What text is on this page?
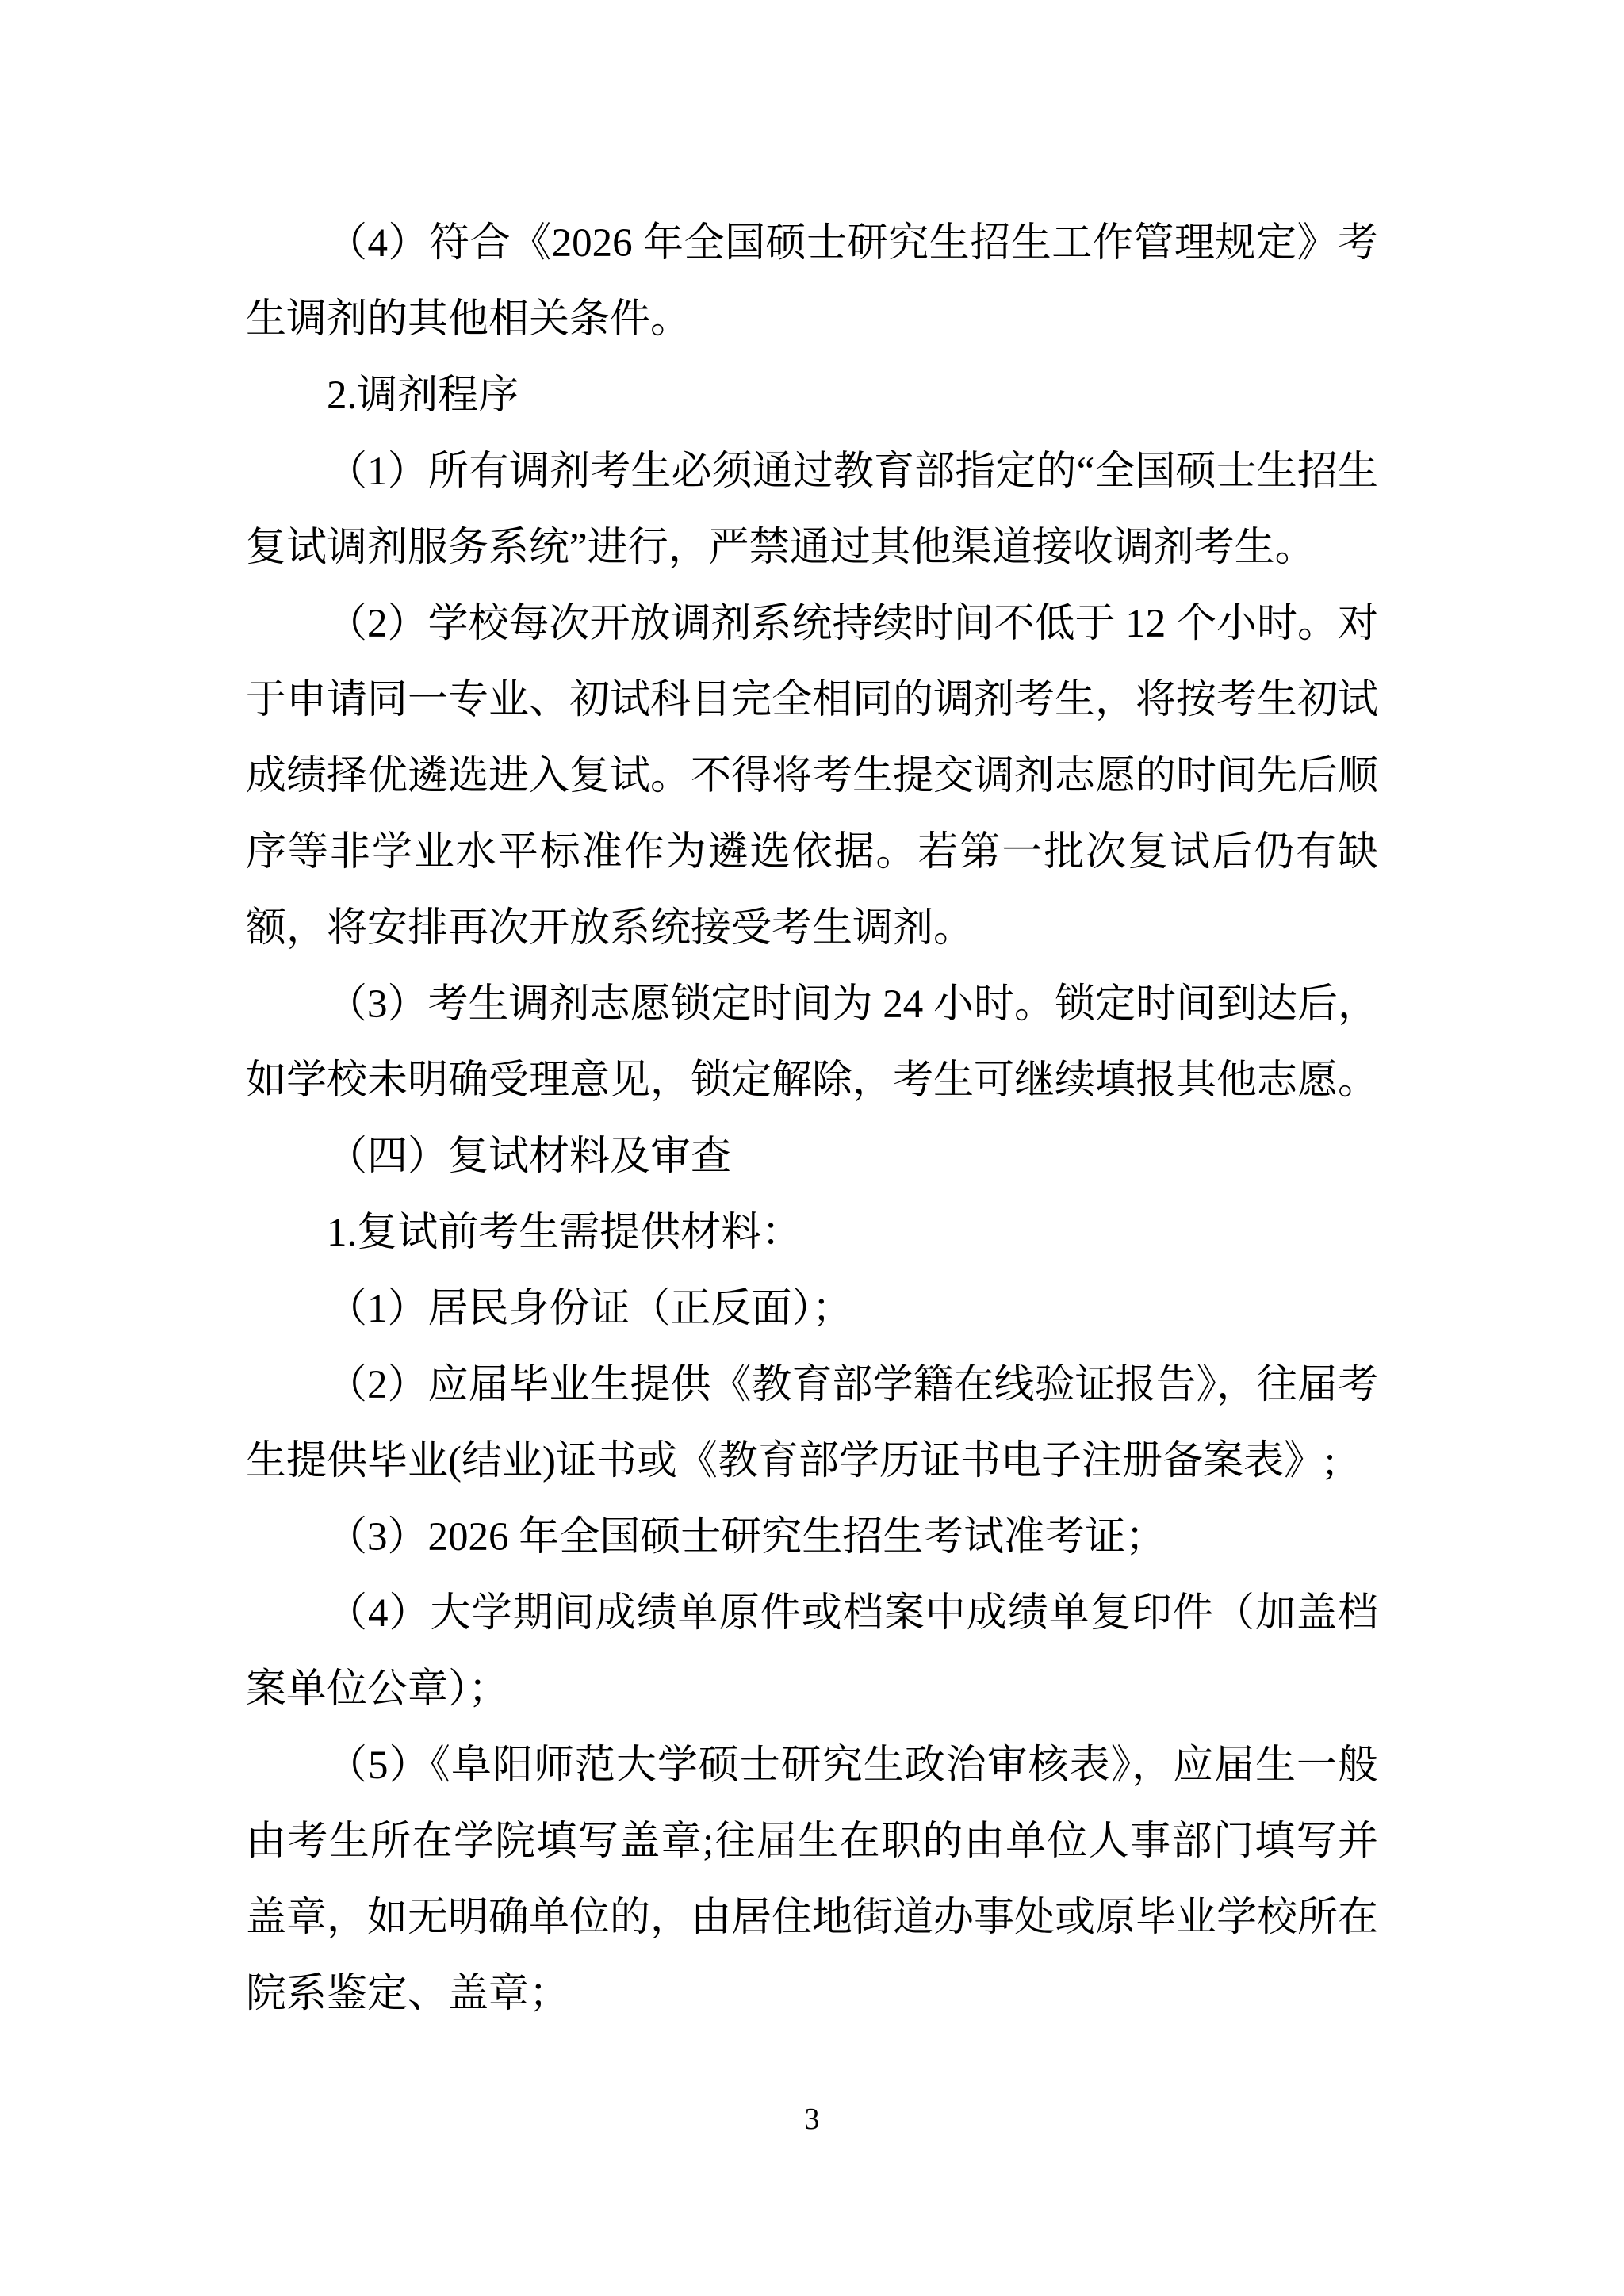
（4）符合《2026 年全国硕士研究生招生工作管理规定》考生调剂的其他相关条件。

2.调剂程序

（1）所有调剂考生必须通过教育部指定的“全国硕士生招生复试调剂服务系统”进行，严禁通过其他渠道接收调剂考生。

（2）学校每次开放调剂系统持续时间不低于 12 个小时。对于申请同一专业、初试科目完全相同的调剂考生，将按考生初试成绩择优遴选进入复试。不得将考生提交调剂志愿的时间先后顺序等非学业水平标准作为遴选依据。若第一批次复试后仍有缺额，将安排再次开放系统接受考生调剂。

（3）考生调剂志愿锁定时间为 24 小时。锁定时间到达后，如学校未明确受理意见，锁定解除，考生可继续填报其他志愿。

（四）复试材料及审查

1.复试前考生需提供材料：

（1）居民身份证（正反面）；

（2）应届毕业生提供《教育部学籍在线验证报告》，往届考生提供毕业(结业)证书或《教育部学历证书电子注册备案表》;

（3）2026 年全国硕士研究生招生考试准考证；

（4）大学期间成绩单原件或档案中成绩单复印件（加盖档案单位公章）；

（5）《阜阳师范大学硕士研究生政治审核表》，应届生一般由考生所在学院填写盖章;往届生在职的由单位人事部门填写并盖章，如无明确单位的，由居住地街道办事处或原毕业学校所在院系鉴定、盖章；

3
